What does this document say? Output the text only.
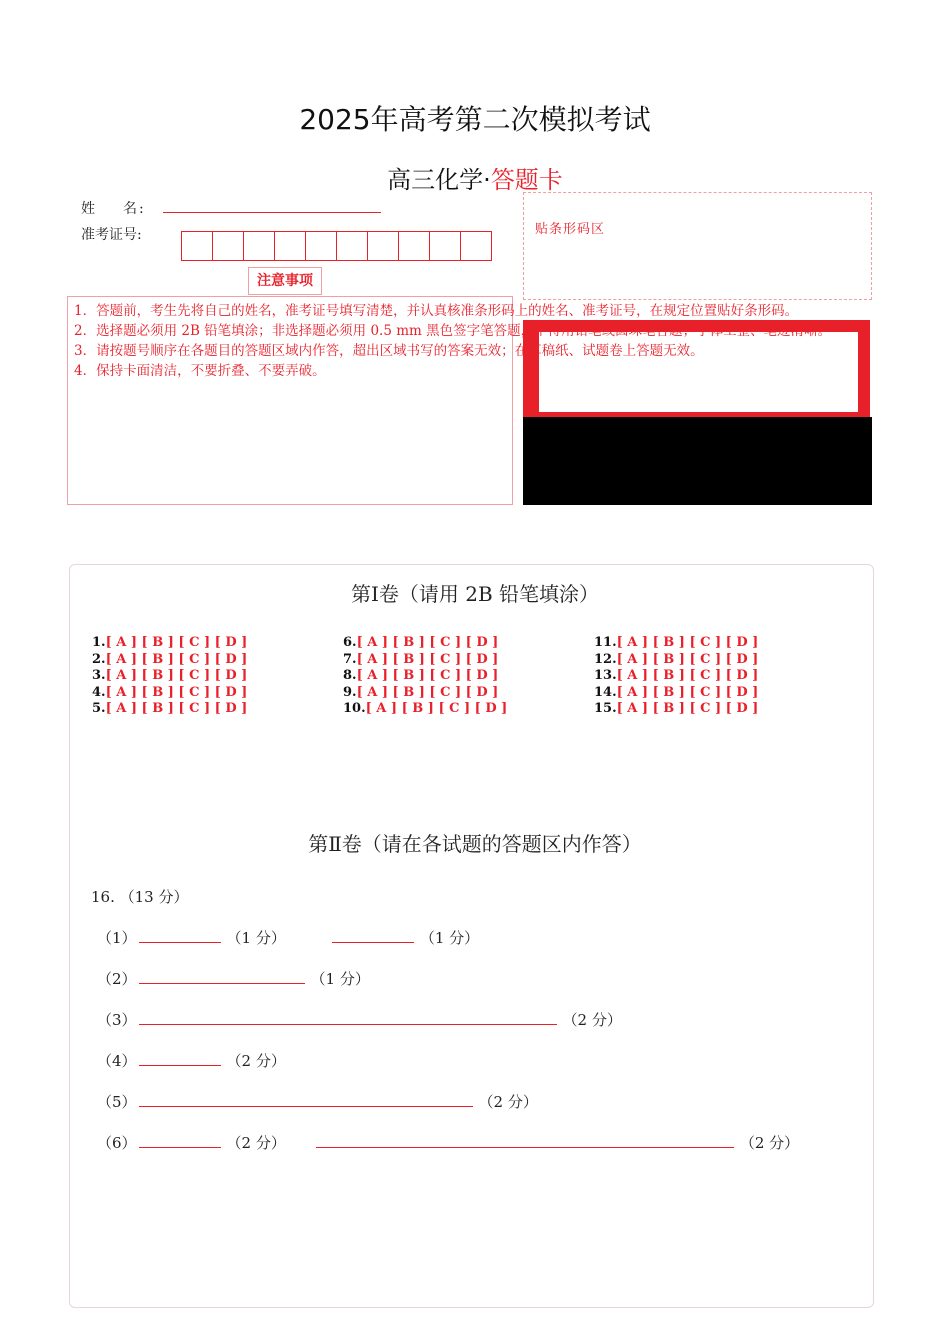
2025年高考第二次模拟考试
高三化学·答题卡
姓 名:
准考证号:	贴条形码区
注意事项
1．答题前，考生先将自己的姓名，准考证号填写清楚，并认真核准条形码上的姓名、准考证号，在规定位置贴好条形码。
2．选择题必须用 2B 铅笔填涂；非选择题必须用 0.5 mm 黑色签字笔答题，不得用铅笔或圆珠笔答题；字体工整、笔迹清晰。
3．请按题号顺序在各题目的答题区域内作答，超出区域书写的答案无效；在草稿纸、试题卷上答题无效。
4．保持卡面清洁，不要折叠、不要弄破。
第Ⅰ卷（请用 2B 铅笔填涂）
1.[ A ] [ B ] [ C ] [ D ]
2.[ A ] [ B ] [ C ] [ D ]
3.[ A ] [ B ] [ C ] [ D ]
4.[ A ] [ B ] [ C ] [ D ]
5.[ A ] [ B ] [ C ] [ D ]
6.[ A ] [ B ] [ C ] [ D ]
7.[ A ] [ B ] [ C ] [ D ]
8.[ A ] [ B ] [ C ] [ D ]
9.[ A ] [ B ] [ C ] [ D ]
10.[ A ] [ B ] [ C ] [ D ]
11.[ A ] [ B ] [ C ] [ D ]
12.[ A ] [ B ] [ C ] [ D ]
13.[ A ] [ B ] [ C ] [ D ]
14.[ A ] [ B ] [ C ] [ D ]
15.[ A ] [ B ] [ C ] [ D ]
第Ⅱ卷（请在各试题的答题区内作答）
16. （13 分）
（1）	（1 分）	（1 分）
（2）	（1 分）
（3）	（2 分）
（4）	（2 分）
（5）	（2 分）
（6）	（2 分）	（2 分）
